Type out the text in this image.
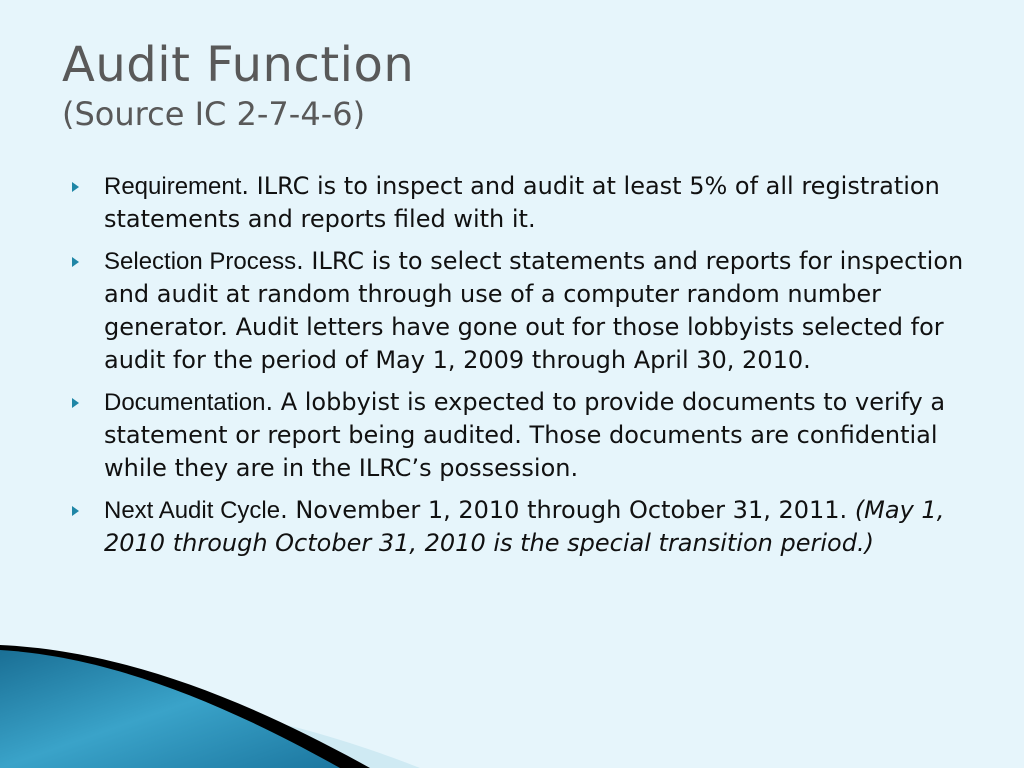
Audit Function
(Source IC 2-7-4-6)
Requirement. ILRC is to inspect and audit at least 5% of all registration statements and reports filed with it.
Selection Process. ILRC is to select statements and reports for inspection and audit at random through use of a computer random number generator. Audit letters have gone out for those lobbyists selected for audit for the period of May 1, 2009 through April 30, 2010.
Documentation. A lobbyist is expected to provide documents to verify a statement or report being audited. Those documents are confidential while they are in the ILRC’s possession.
Next Audit Cycle. November 1, 2010 through October 31, 2011. (May 1, 2010 through October 31, 2010 is the special transition period.)
